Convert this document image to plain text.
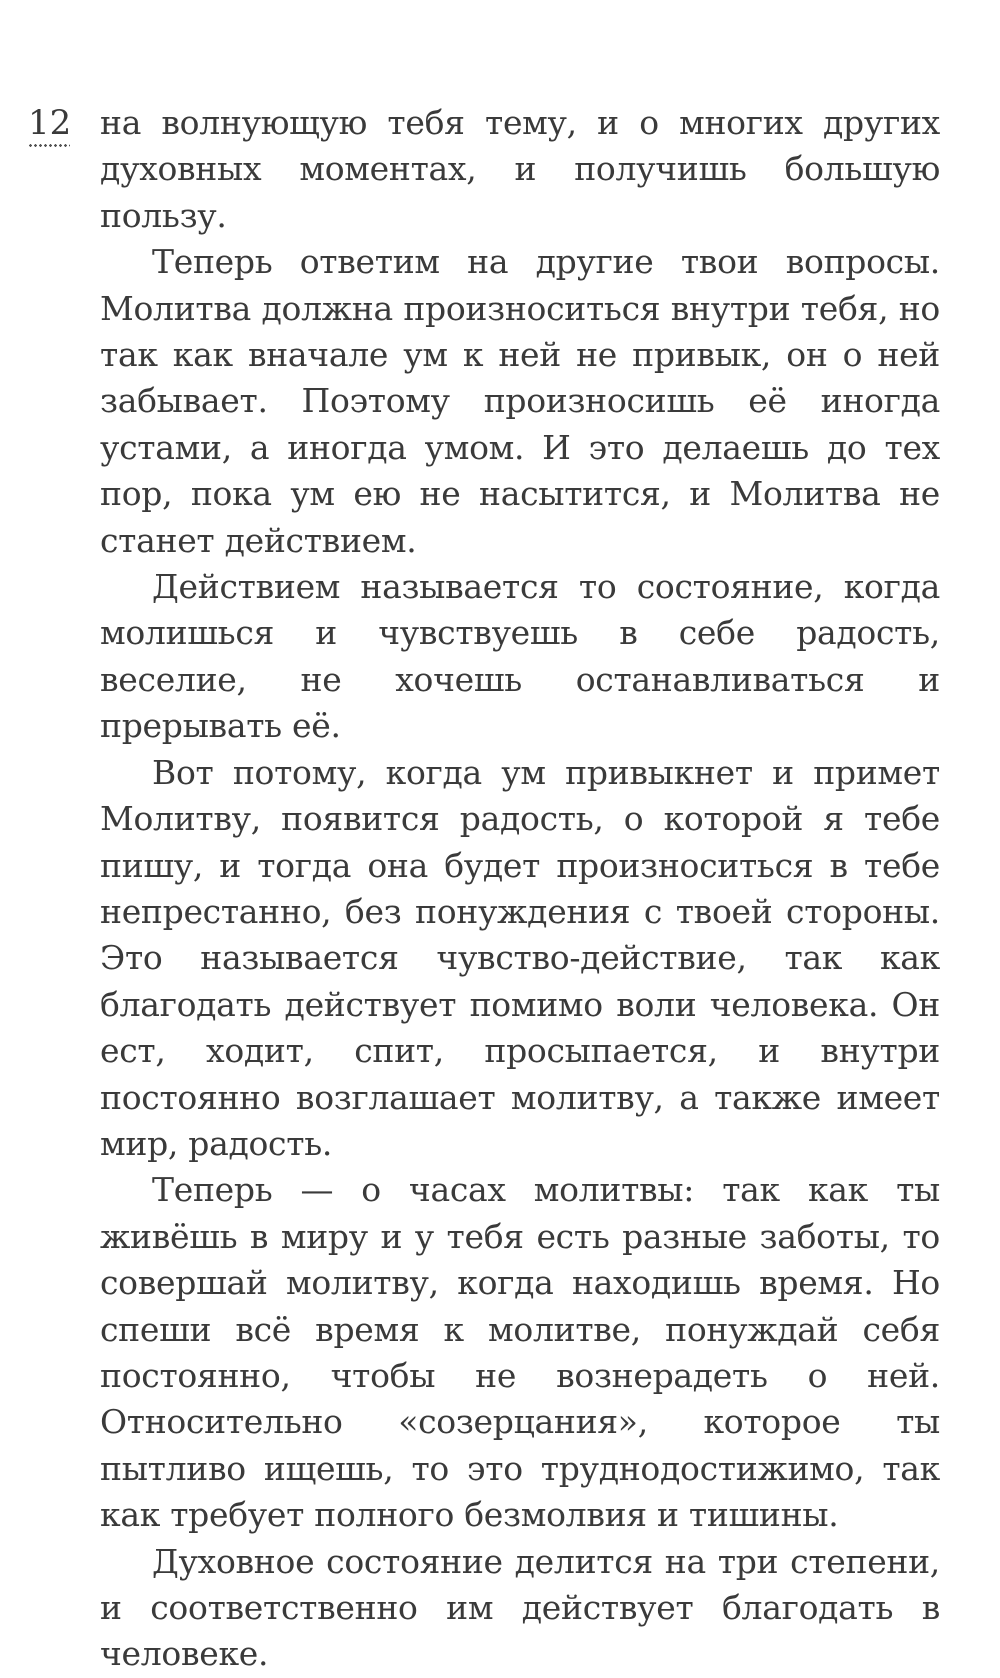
12 на волнующую тебя тему, и о многих других духовных моментах, и получишь большую пользу.

Теперь ответим на другие твои вопросы. Молитва должна произноситься внутри тебя, но так как вначале ум к ней не привык, он о ней забывает. Поэтому произносишь её иногда устами, а иногда умом. И это делаешь до тех пор, пока ум ею не насытится, и Молитва не станет действием.

Действием называется то состояние, когда молишься и чувствуешь в себе радость, веселие, не хочешь останавливаться и прерывать её.

Вот потому, когда ум привыкнет и примет Молитву, появится радость, о которой я тебе пишу, и тогда она будет произноситься в тебе непрестанно, без понуждения с твоей стороны. Это называется чувство-действие, так как благодать действует помимо воли человека. Он ест, ходит, спит, просыпается, и внутри постоянно возглашает молитву, а также имеет мир, радость.

Теперь — о часах молитвы: так как ты живёшь в миру и у тебя есть разные заботы, то совершай молитву, когда находишь время. Но спеши всё время к молитве, понуждай себя постоянно, чтобы не вознерадеть о ней. Относительно «созерцания», которое ты пытливо ищешь, то это труднодостижимо, так как требует полного безмолвия и тишины.

Духовное состояние делится на три степени, и соответственно им действует благодать в человеке.
